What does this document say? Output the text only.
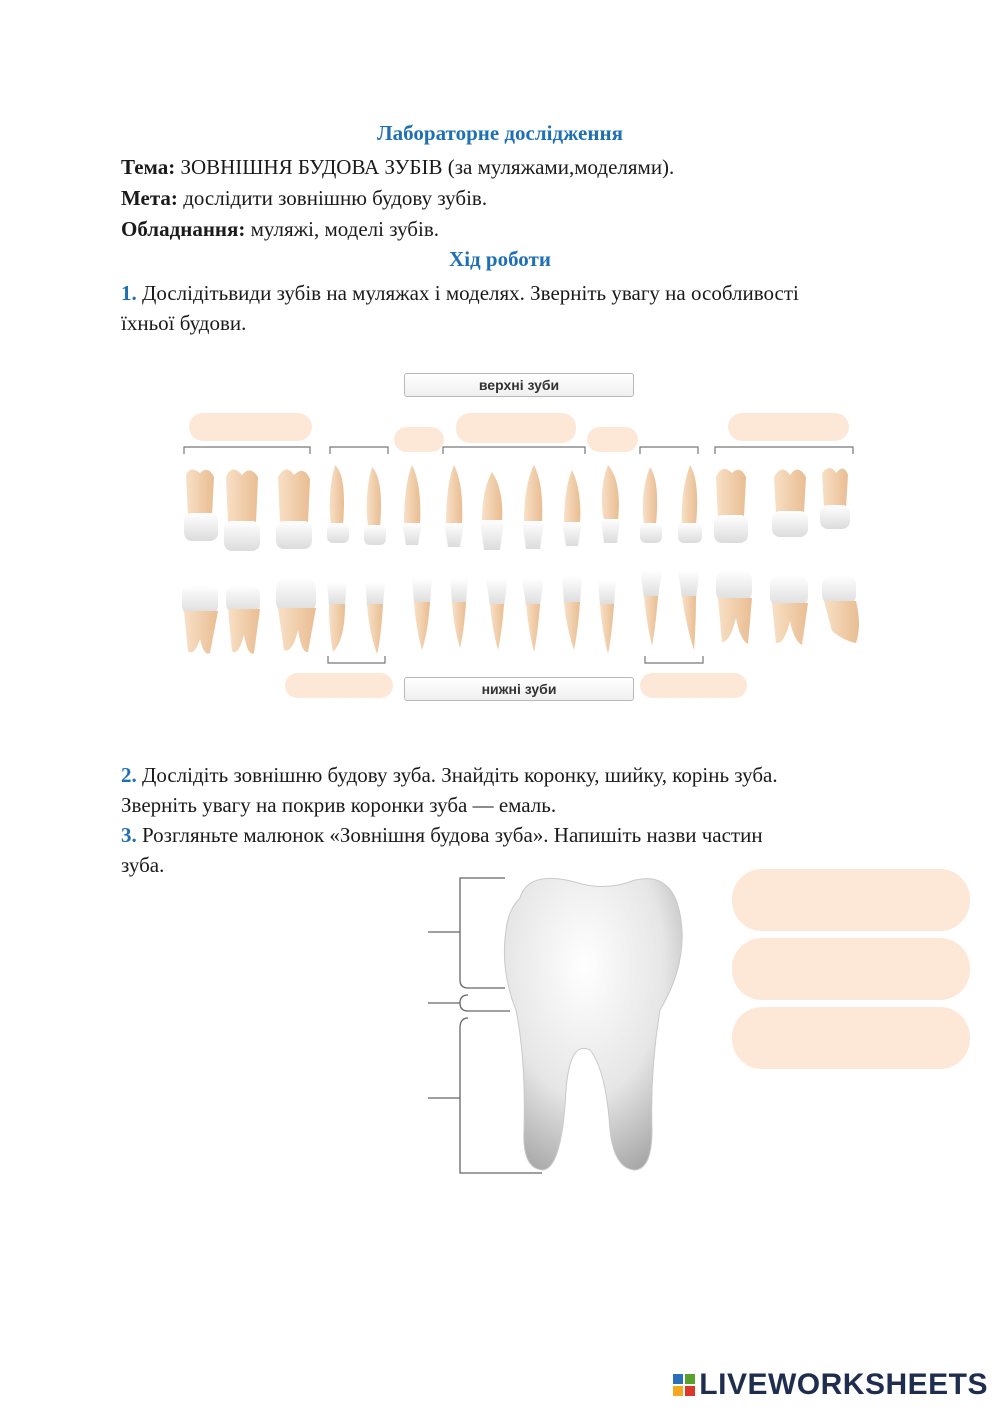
Лабораторне дослідження
Тема: ЗОВНІШНЯ БУДОВА ЗУБІВ (за муляжами,моделями).
Мета: дослідити зовнішню будову зубів.
Обладнання: муляжі, моделі зубів.
Хід роботи
1. Дослідітьвиди зубів на муляжах і моделях. Зверніть увагу на особливості
їхньої будови.
верхні зуби
нижні зуби
2. Дослідіть зовнішню будову зуба. Знайдіть коронку, шийку, корінь зуба.
Зверніть увагу на покрив коронки зуба — емаль.
3. Розгляньте малюнок «Зовнішня будова зуба». Напишіть назви частин
зуба.
LIVEWORKSHEETS
